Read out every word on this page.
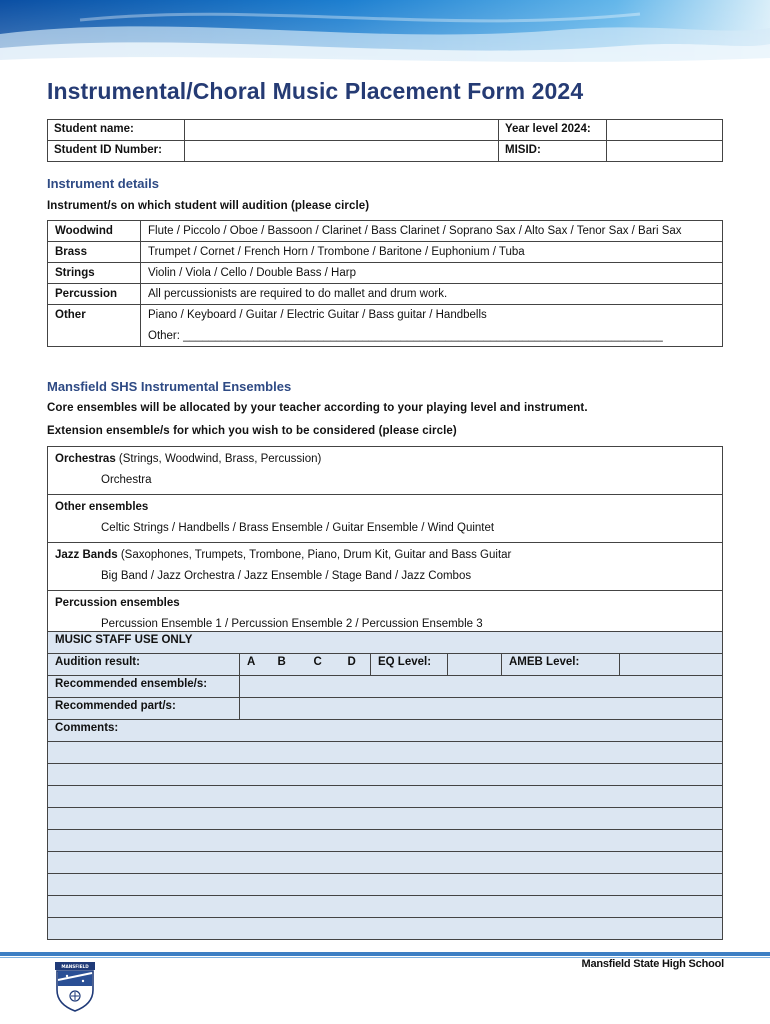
Instrumental/Choral Music Placement Form 2024
Student name:		Year level 2024:	
Student ID Number:		MISID:	
Instrument details
Instrument/s on which student will audition (please circle)
Woodwind	Flute / Piccolo / Oboe / Bassoon / Clarinet / Bass Clarinet / Soprano Sax / Alto Sax / Tenor Sax / Bari Sax
Brass	Trumpet / Cornet / French Horn / Trombone / Baritone / Euphonium / Tuba
Strings	Violin / Viola / Cello / Double Bass / Harp
Percussion	All percussionists are required to do mallet and drum work.
Other	Piano / Keyboard / Guitar / Electric Guitar / Bass guitar / Handbells
Other: ___________________________________________________________________________
Mansfield SHS Instrumental Ensembles
Core ensembles will be allocated by your teacher according to your playing level and instrument.
Extension ensemble/s for which you wish to be considered (please circle)
Orchestras (Strings, Woodwind, Brass, Percussion)
Orchestra

Other ensembles
Celtic Strings / Handbells / Brass Ensemble / Guitar Ensemble / Wind Quintet

Jazz Bands (Saxophones, Trumpets, Trombone, Piano, Drum Kit, Guitar and Bass Guitar
Big Band / Jazz Orchestra / Jazz Ensemble / Stage Band / Jazz Combos

Percussion ensembles
Percussion Ensemble 1 / Percussion Ensemble 2 / Percussion Ensemble 3
MUSIC STAFF USE ONLY								
Audition result:	A	B	C	D	EQ Level:		AMEB Level:	
Recommended ensemble/s:								
Recommended part/s:								
Comments:								

Mansfield State High School
MANSFIELD
